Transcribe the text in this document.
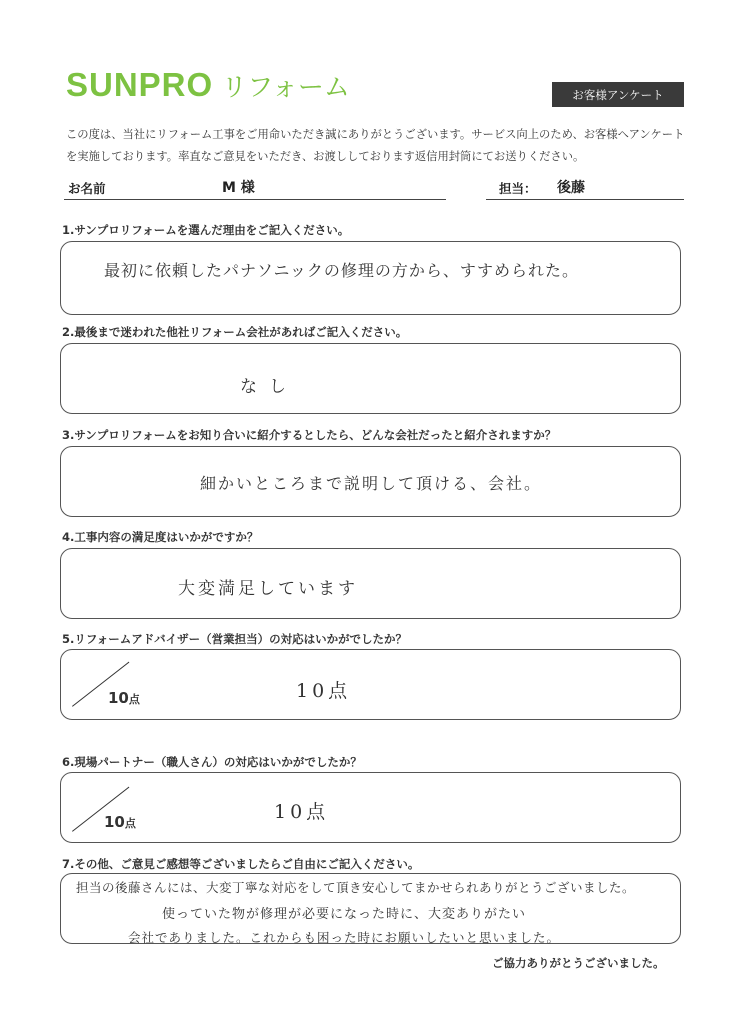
SUNPRO リフォーム	お客様アンケート
この度は、当社にリフォーム工事をご用命いただき誠にありがとうございます。サービス向上のため、お客様へアンケートを実施しております。率直なご意見をいただき、お渡ししております返信用封筒にてお送りください。
お名前	M 様	担当： 後藤
1.サンプロリフォームを選んだ理由をご記入ください。
最初に依頼したパナソニックの修理の方から、すすめられた。
2.最後まで迷われた他社リフォーム会社があればご記入ください。
なし
3.サンプロリフォームをお知り合いに紹介するとしたら、どんな会社だったと紹介されますか？
細かいところまで説明して頂ける、会社。
4.工事内容の満足度はいかがですか？
大変満足しています
5.リフォームアドバイザー（営業担当）の対応はいかがでしたか？
10点	10点
6.現場パートナー（職人さん）の対応はいかがでしたか？
10点
10点
7.その他、ご意見ご感想等ございましたらご自由にご記入ください。
担当の後藤さんには、大変丁寧な対応をして頂き安心してまかせられありがとうございました。
使っていた物が修理が必要になった時に、大変ありがたい
会社でありました。これからも困った時にお願いしたいと思いました。
ご協力ありがとうございました。
